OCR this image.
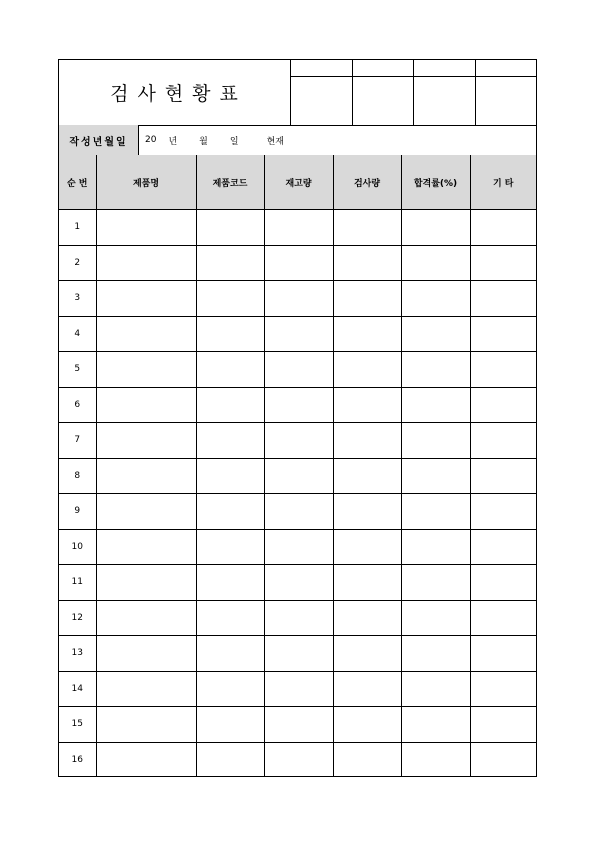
검사현황표
작성년월일	20 년 월 일	현재
순 번	제품명	제품코드	재고량	검사량	합격률(%)	기 타
1						
2						
3						
4						
5						
6						
7						
8						
9						
10						
11						
12						
13						
14						
15						
16						
